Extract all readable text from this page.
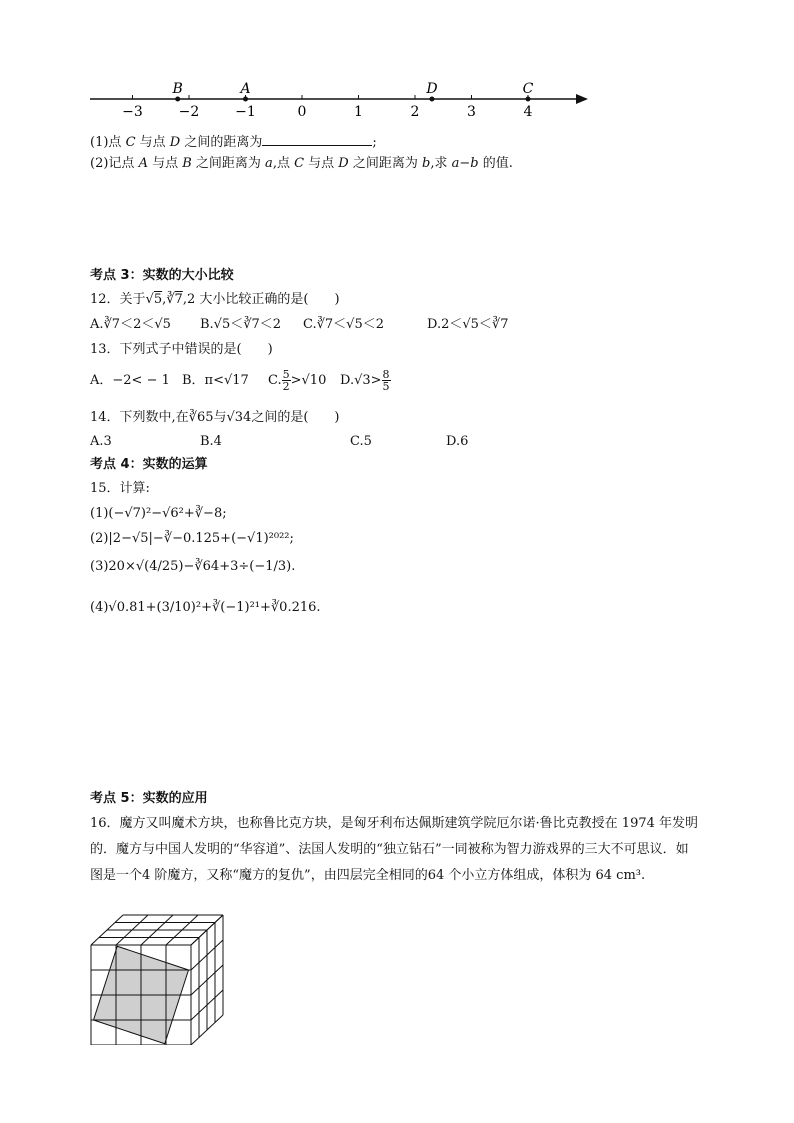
−3	−2	−1	0	1	2	3	4
B	A	D	C
(1)点 C 与点 D 之间的距离为	;
(2)记点 A 与点 B 之间距离为 a,点 C 与点 D 之间距离为 b,求 a−b 的值.
考点 3：实数的大小比较
12．关于√5,∛7,2 大小比较正确的是(　　)
A.∛7＜2＜√5 B.√5＜∛7＜2 C.∛7＜√5＜2	D.2＜√5＜∛7
13．下列式子中错误的是(　　)
A．−2< − 1 B．π<√17 C. $\frac{5}{2} >√10$ $D.√3> \frac{8}{5}$
14．下列数中,在∛65与√34之间的是(　　)
A.3	B.4	C.5	D.6
考点 4：实数的运算
15．计算:
(1)(−√7)²−√6²+∛−8;
(2)|2−√5|−∛−0.125+(−√1)²⁰²²;
(3)20×√(4/25)−∛64+3÷(−1/3).
(4)√0.81+(3/10)²+∛(−1)²¹+∛0.216.
考点 5：实数的应用
16．魔方又叫魔术方块，也称鲁比克方块，是匈牙利布达佩斯建筑学院厄尔诺·鲁比克教授在 1974 年发明的．魔方与中国人发明的“华容道”、法国人发明的“独立钻石”一同被称为智力游戏界的三大不可思议．如图是一个4 阶魔方，又称“魔方的复仇”，由四层完全相同的64 个小立方体组成，体积为 64 cm³.
